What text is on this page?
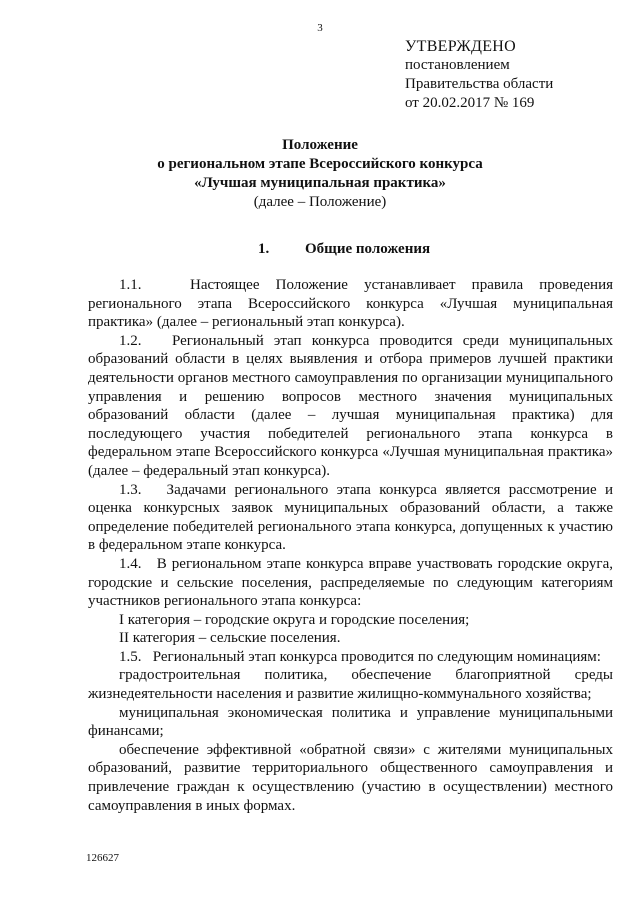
3
УТВЕРЖДЕНО
постановлением
Правительства области
от 20.02.2017 № 169
Положение
о региональном этапе Всероссийского конкурса
«Лучшая муниципальная практика»
(далее – Положение)
1. Общие положения

1.1.   Настоящее Положение устанавливает правила проведения регионального этапа Всероссийского конкурса «Лучшая муниципальная практика» (далее – региональный этап конкурса).

1.2.   Региональный этап конкурса проводится среди муниципальных образований области в целях выявления и отбора примеров лучшей практики деятельности органов местного самоуправления по организации муниципального управления и решению вопросов местного значения муниципальных образований области (далее – лучшая муниципальная практика) для последующего участия победителей регионального этапа конкурса в федеральном этапе Всероссийского конкурса «Лучшая муниципальная практика» (далее – федеральный этап конкурса).

1.3.   Задачами регионального этапа конкурса является рассмотрение и оценка конкурсных заявок муниципальных образований области, а также определение победителей регионального этапа конкурса, допущенных к участию в федеральном этапе конкурса.

1.4.   В региональном этапе конкурса вправе участвовать городские округа, городские и сельские поселения, распределяемые по следующим категориям участников регионального этапа конкурса:

I категория – городские округа и городские поселения;

II категория – сельские поселения.

1.5.   Региональный этап конкурса проводится по следующим номинациям:

градостроительная политика, обеспечение благоприятной среды жизнедеятельности населения и развитие жилищно-коммунального хозяйства;

муниципальная экономическая политика и управление муниципальными финансами;

обеспечение эффективной «обратной связи» с жителями муниципальных образований, развитие территориального общественного самоуправления и привлечение граждан к осуществлению (участию в осуществлении) местного самоуправления в иных формах.

126627
